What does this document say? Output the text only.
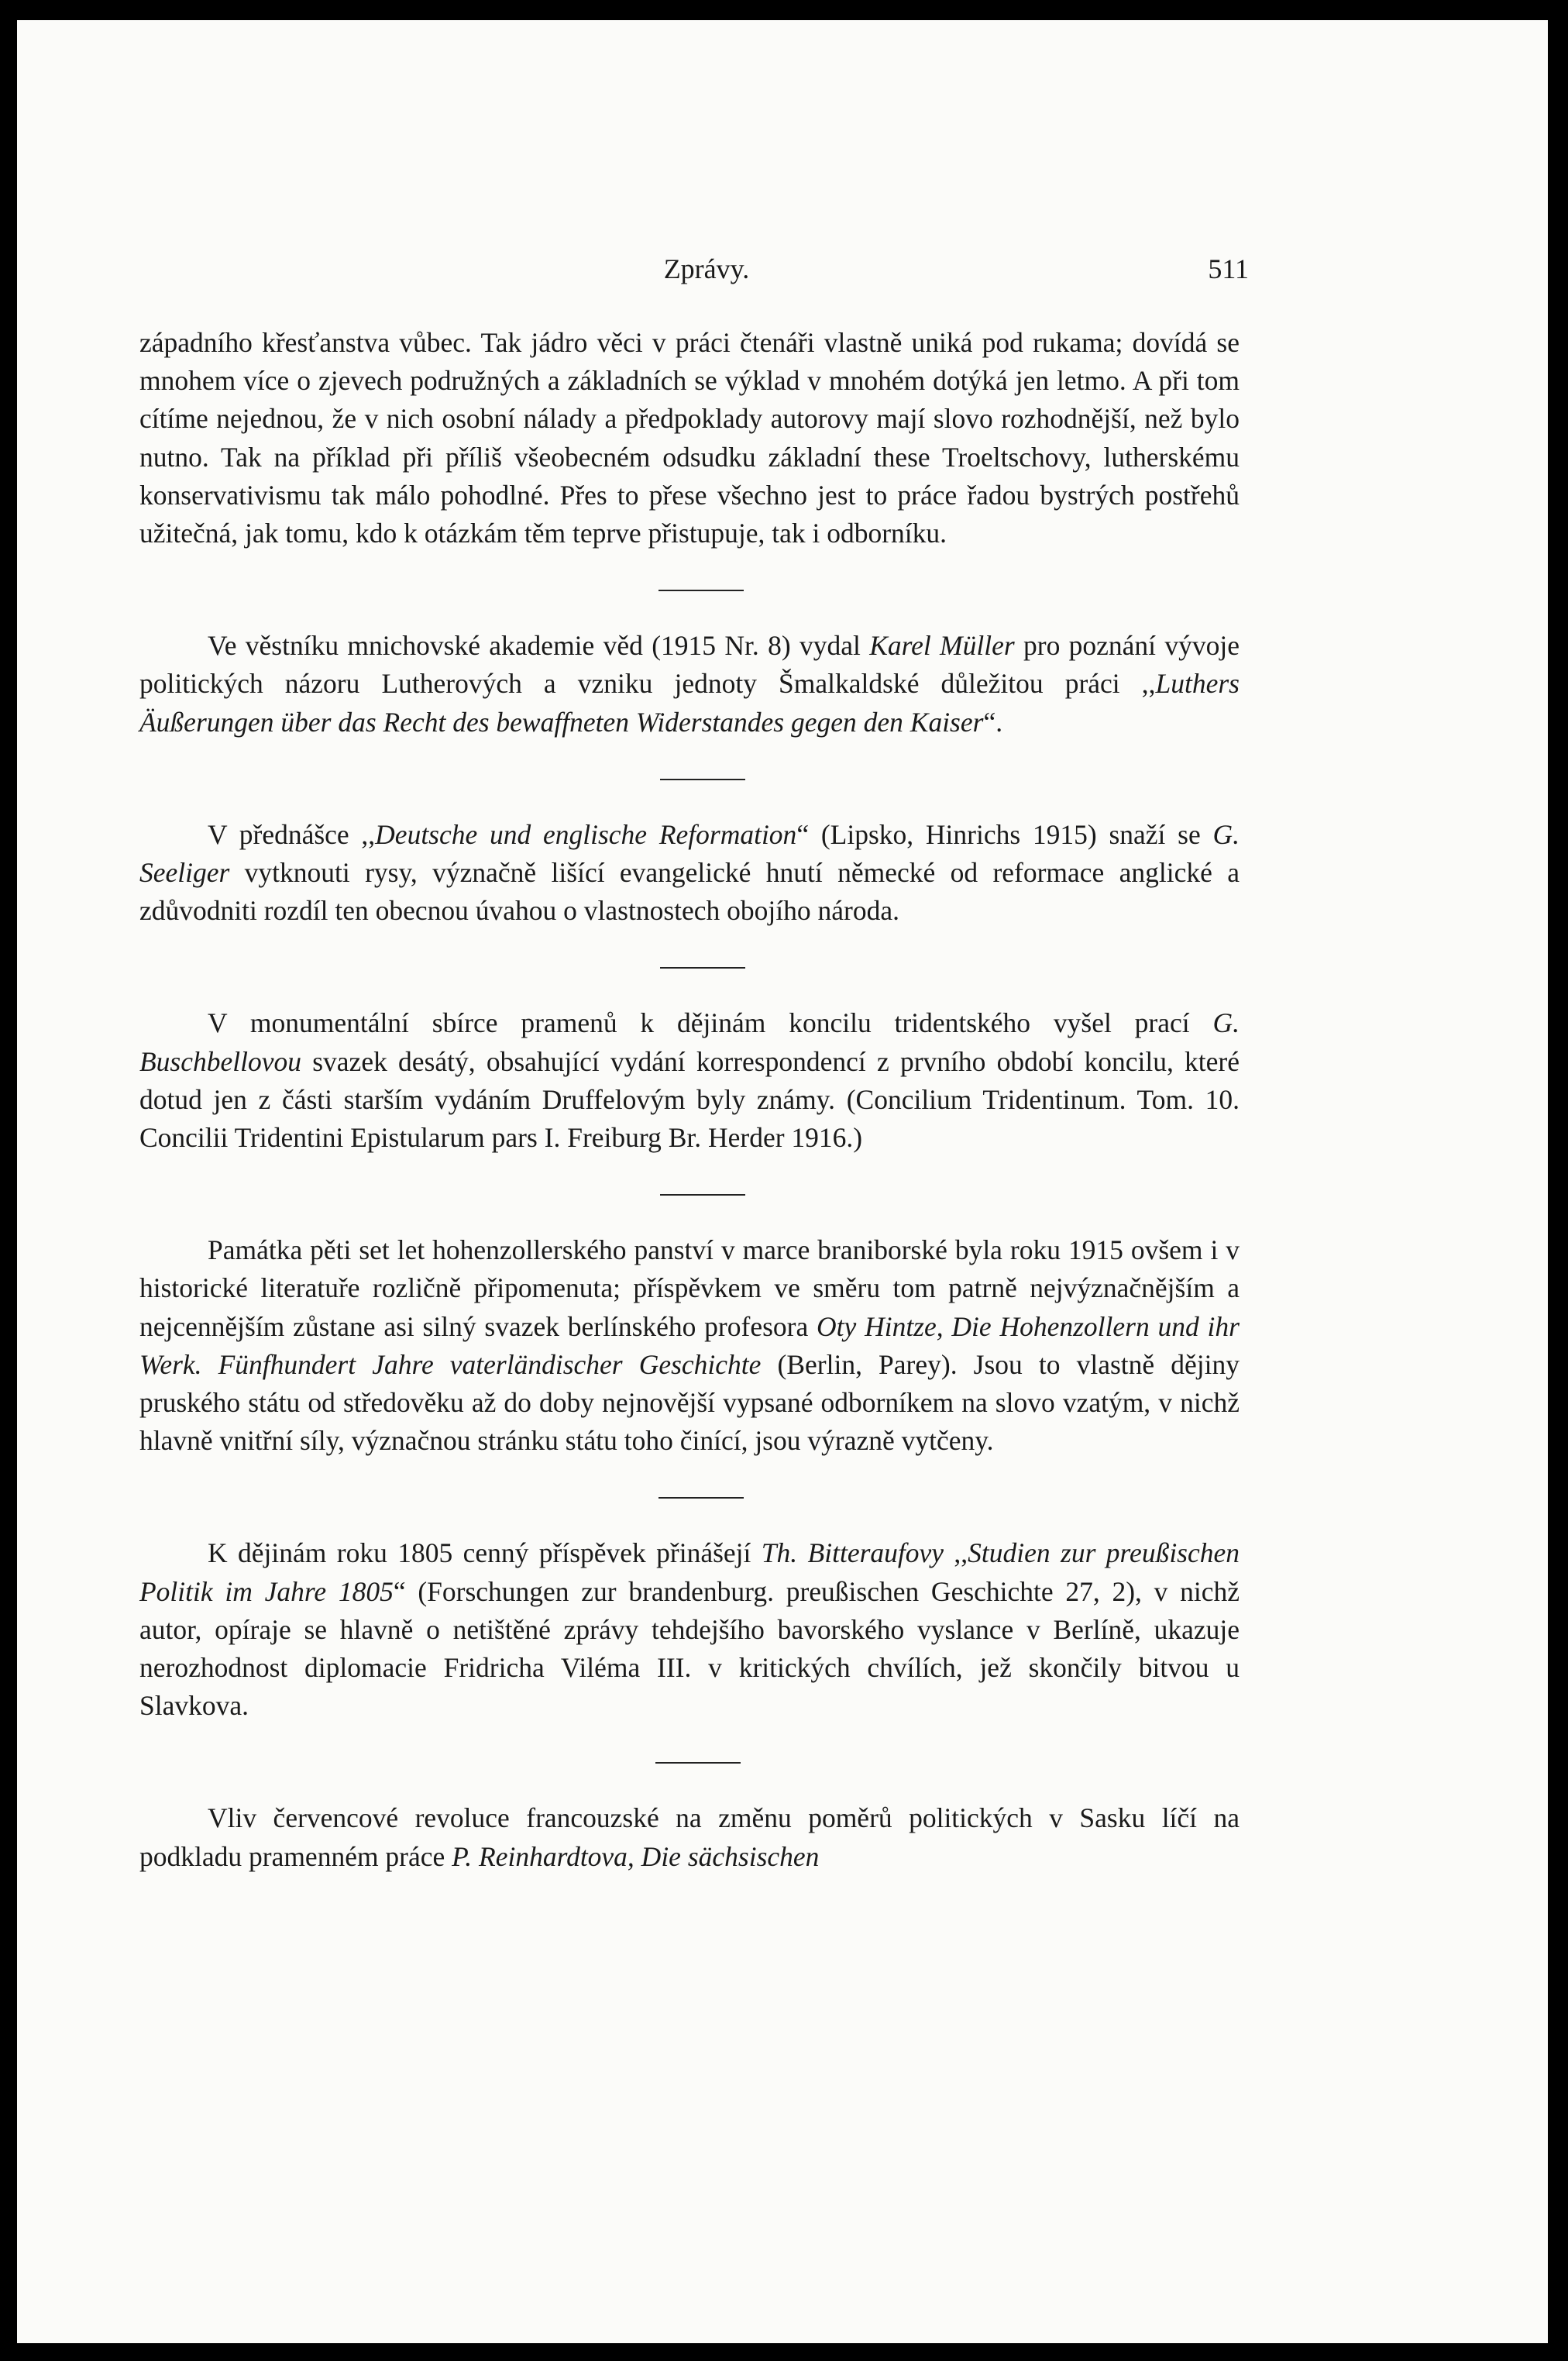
Zprávy.	511

západního křesťanstva vůbec. Tak jádro věci v práci čtenáři vlastně uniká pod rukama; dovídá se mnohem více o zjevech podružných a základních se výklad v mnohém dotýká jen letmo. A při tom cítíme nejednou, že v nich osobní nálady a předpoklady autorovy mají slovo rozhodnější, než bylo nutno. Tak na příklad při příliš všeobecném odsudku základní these Troeltschovy, lutherskému konservativismu tak málo pohodlné. Přes to přese všechno jest to práce řadou bystrých postřehů užitečná, jak tomu, kdo k otázkám těm teprve přistupuje, tak i odborníku.

Ve věstníku mnichovské akademie věd (1915 Nr. 8) vydal Karel Müller pro poznání vývoje politických názoru Lutherových a vzniku jednoty Šmalkaldské důležitou práci ,,Luthers Äußerungen über das Recht des bewaffneten Widerstandes gegen den Kaiser“.

V přednášce ,,Deutsche und englische Reformation“ (Lipsko, Hinrichs 1915) snaží se G. Seeliger vytknouti rysy, význačně lišící evangelické hnutí německé od reformace anglické a zdůvodniti rozdíl ten obecnou úvahou o vlastnostech obojího národa.

V monumentální sbírce pramenů k dějinám koncilu tridentského vyšel prací G. Buschbellovou svazek desátý, obsahující vydání korrespondencí z prvního období koncilu, které dotud jen z části starším vydáním Druffelovým byly známy. (Concilium Tridentinum. Tom. 10. Concilii Tridentini Epistularum pars I. Freiburg Br. Herder 1916.)

Památka pěti set let hohenzollerského panství v marce braniborské byla roku 1915 ovšem i v historické literatuře rozličně připomenuta; příspěvkem ve směru tom patrně nejvýznačnějším a nejcennějším zůstane asi silný svazek berlínského profesora Oty Hintze, Die Hohenzollern und ihr Werk. Fünfhundert Jahre vaterländischer Geschichte (Berlin, Parey). Jsou to vlastně dějiny pruského státu od středověku až do doby nejnovější vypsané odborníkem na slovo vzatým, v nichž hlavně vnitřní síly, význačnou stránku státu toho činící, jsou výrazně vytčeny.

K dějinám roku 1805 cenný příspěvek přinášejí Th. Bitteraufovy ,,Studien zur preußischen Politik im Jahre 1805“ (Forschungen zur brandenburg. preußischen Geschichte 27, 2), v nichž autor, opíraje se hlavně o netištěné zprávy tehdejšího bavorského vyslance v Berlíně, ukazuje nerozhodnost diplomacie Fridricha Viléma III. v kritických chvílích, jež skončily bitvou u Slavkova.

Vliv červencové revoluce francouzské na změnu poměrů politických v Sasku líčí na podkladu pramenném práce P. Reinhardtova, Die sächsischen
